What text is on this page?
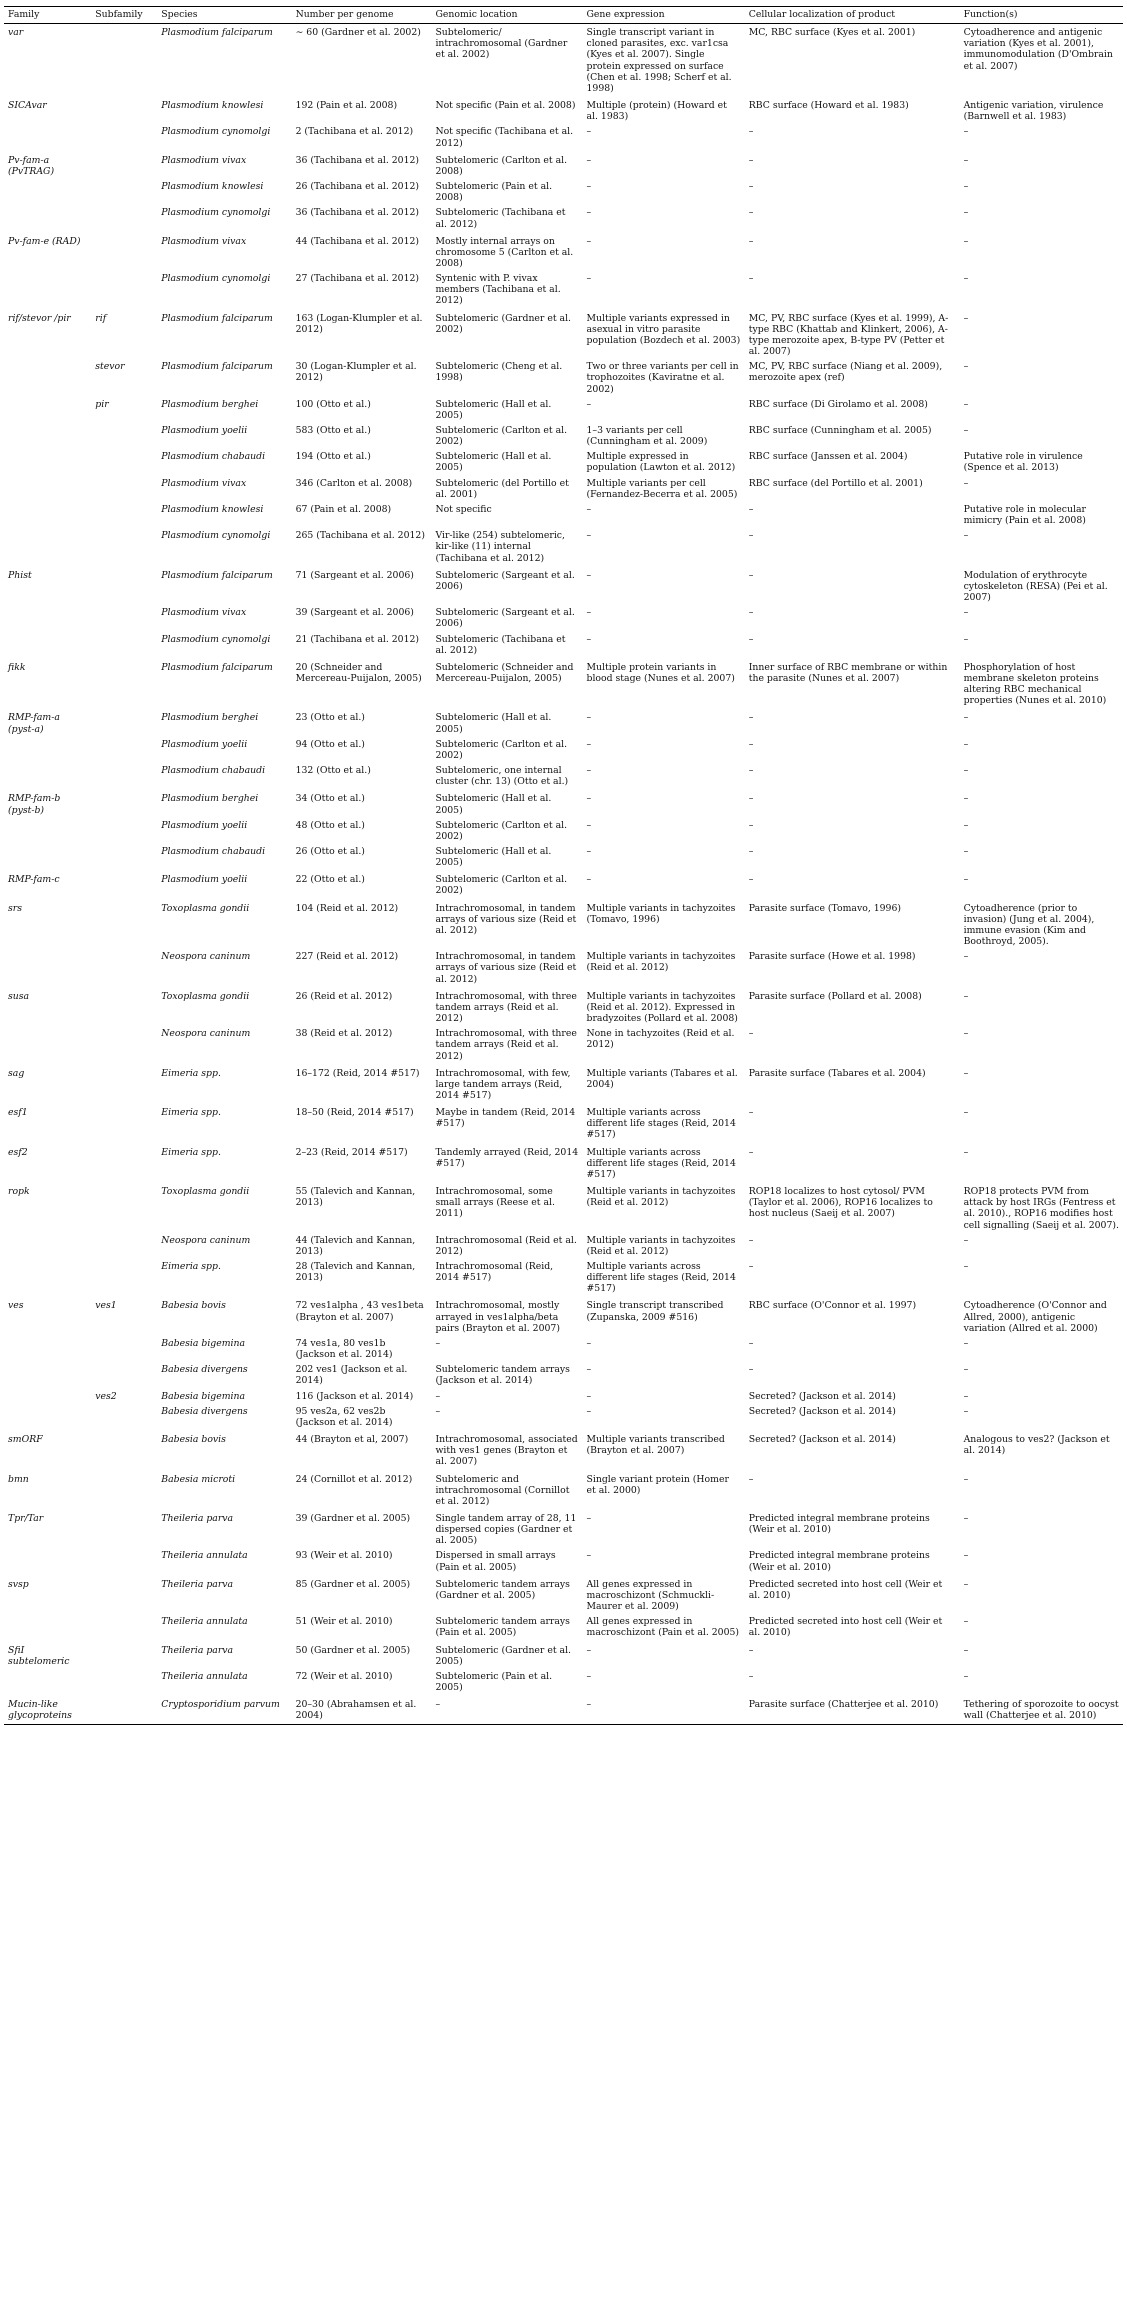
Family	Subfamily	Species	Number per genome	Genomic location	Gene expression	Cellular localization of product	Function(s)
var		Plasmodium falciparum	∼ 60 (Gardner et al. 2002)	Subtelomeric/ intrachromosomal (Gardner et al. 2002)	Single transcript variant in cloned parasites, exc. var1csa (Kyes et al. 2007). Single protein expressed on surface (Chen et al. 1998; Scherf et al. 1998)	MC, RBC surface (Kyes et al. 2001)	Cytoadherence and antigenic variation (Kyes et al. 2001), immunomodulation (D'Ombrain et al. 2007)
SICAvar		Plasmodium knowlesi	192 (Pain et al. 2008)	Not specific (Pain et al. 2008)	Multiple (protein) (Howard et al. 1983)	RBC surface (Howard et al. 1983)	Antigenic variation, virulence (Barnwell et al. 1983)
		Plasmodium cynomolgi	2 (Tachibana et al. 2012)	Not specific (Tachibana et al. 2012)	–	–	–
Pv-fam-a (PvTRAG)		Plasmodium vivax	36 (Tachibana et al. 2012)	Subtelomeric (Carlton et al. 2008)	–	–	–
		Plasmodium knowlesi	26 (Tachibana et al. 2012)	Subtelomeric (Pain et al. 2008)	–	–	–
		Plasmodium cynomolgi	36 (Tachibana et al. 2012)	Subtelomeric (Tachibana et al. 2012)	–	–	–
Pv-fam-e (RAD)		Plasmodium vivax	44 (Tachibana et al. 2012)	Mostly internal arrays on chromosome 5 (Carlton et al. 2008)	–	–	–
		Plasmodium cynomolgi	27 (Tachibana et al. 2012)	Syntenic with P. vivax members (Tachibana et al. 2012)	–	–	–
rif/stevor /pir	rif	Plasmodium falciparum	163 (Logan-Klumpler et al. 2012)	Subtelomeric (Gardner et al. 2002)	Multiple variants expressed in asexual in vitro parasite population (Bozdech et al. 2003)	MC, PV, RBC surface (Kyes et al. 1999), A-type RBC (Khattab and Klinkert, 2006), A-type merozoite apex, B-type PV (Petter et al. 2007)	–
	stevor	Plasmodium falciparum	30 (Logan-Klumpler et al. 2012)	Subtelomeric (Cheng et al. 1998)	Two or three variants per cell in trophozoites (Kaviratne et al. 2002)	MC, PV, RBC surface (Niang et al. 2009), merozoite apex (ref)	–
	pir	Plasmodium berghei	100 (Otto et al.)	Subtelomeric (Hall et al. 2005)	–	RBC surface (Di Girolamo et al. 2008)	–
		Plasmodium yoelii	583 (Otto et al.)	Subtelomeric (Carlton et al. 2002)	1–3 variants per cell (Cunningham et al. 2009)	RBC surface (Cunningham et al. 2005)	–
		Plasmodium chabaudi	194 (Otto et al.)	Subtelomeric (Hall et al. 2005)	Multiple expressed in population (Lawton et al. 2012)	RBC surface (Janssen et al. 2004)	Putative role in virulence (Spence et al. 2013)
		Plasmodium vivax	346 (Carlton et al. 2008)	Subtelomeric (del Portillo et al. 2001)	Multiple variants per cell (Fernandez-Becerra et al. 2005)	RBC surface (del Portillo et al. 2001)	–
		Plasmodium knowlesi	67 (Pain et al. 2008)	Not specific	–	–	Putative role in molecular mimicry (Pain et al. 2008)
		Plasmodium cynomolgi	265 (Tachibana et al. 2012)	Vir-like (254) subtelomeric, kir-like (11) internal (Tachibana et al. 2012)	–	–	–
Phist		Plasmodium falciparum	71 (Sargeant et al. 2006)	Subtelomeric (Sargeant et al. 2006)	–	–	Modulation of erythrocyte cytoskeleton (RESA) (Pei et al. 2007)
		Plasmodium vivax	39 (Sargeant et al. 2006)	Subtelomeric (Sargeant et al. 2006)	–	–	–
		Plasmodium cynomolgi	21 (Tachibana et al. 2012)	Subtelomeric (Tachibana et al. 2012)	–	–	–
fikk		Plasmodium falciparum	20 (Schneider and Mercereau-Puijalon, 2005)	Subtelomeric (Schneider and Mercereau-Puijalon, 2005)	Multiple protein variants in blood stage (Nunes et al. 2007)	Inner surface of RBC membrane or within the parasite (Nunes et al. 2007)	Phosphorylation of host membrane skeleton proteins altering RBC mechanical properties (Nunes et al. 2010)
RMP-fam-a (pyst-a)		Plasmodium berghei	23 (Otto et al.)	Subtelomeric (Hall et al. 2005)	–	–	–
		Plasmodium yoelii	94 (Otto et al.)	Subtelomeric (Carlton et al. 2002)	–	–	–
		Plasmodium chabaudi	132 (Otto et al.)	Subtelomeric, one internal cluster (chr. 13) (Otto et al.)	–	–	–
RMP-fam-b (pyst-b)		Plasmodium berghei	34 (Otto et al.)	Subtelomeric (Hall et al. 2005)	–	–	–
		Plasmodium yoelii	48 (Otto et al.)	Subtelomeric (Carlton et al. 2002)	–	–	–
		Plasmodium chabaudi	26 (Otto et al.)	Subtelomeric (Hall et al. 2005)	–	–	–
RMP-fam-c		Plasmodium yoelii	22 (Otto et al.)	Subtelomeric (Carlton et al. 2002)	–	–	–
srs		Toxoplasma gondii	104 (Reid et al. 2012)	Intrachromosomal, in tandem arrays of various size (Reid et al. 2012)	Multiple variants in tachyzoites (Tomavo, 1996)	Parasite surface (Tomavo, 1996)	Cytoadherence (prior to invasion) (Jung et al. 2004), immune evasion (Kim and Boothroyd, 2005).
		Neospora caninum	227 (Reid et al. 2012)	Intrachromosomal, in tandem arrays of various size (Reid et al. 2012)	Multiple variants in tachyzoites (Reid et al. 2012)	Parasite surface (Howe et al. 1998)	–
susa		Toxoplasma gondii	26 (Reid et al. 2012)	Intrachromosomal, with three tandem arrays (Reid et al. 2012)	Multiple variants in tachyzoites (Reid et al. 2012). Expressed in bradyzoites (Pollard et al. 2008)	Parasite surface (Pollard et al. 2008)	–
		Neospora caninum	38 (Reid et al. 2012)	Intrachromosomal, with three tandem arrays (Reid et al. 2012)	None in tachyzoites (Reid et al. 2012)	–	–
sag		Eimeria spp.	16–172 (Reid, 2014 #517)	Intrachromosomal, with few, large tandem arrays (Reid, 2014 #517)	Multiple variants (Tabares et al. 2004)	Parasite surface (Tabares et al. 2004)	–
esf1		Eimeria spp.	18–50 (Reid, 2014 #517)	Maybe in tandem (Reid, 2014 #517)	Multiple variants across different life stages (Reid, 2014 #517)	–	–
esf2		Eimeria spp.	2–23 (Reid, 2014 #517)	Tandemly arrayed (Reid, 2014 #517)	Multiple variants across different life stages (Reid, 2014 #517)	–	–
ropk		Toxoplasma gondii	55 (Talevich and Kannan, 2013)	Intrachromosomal, some small arrays (Reese et al. 2011)	Multiple variants in tachyzoites (Reid et al. 2012)	ROP18 localizes to host cytosol/ PVM (Taylor et al. 2006), ROP16 localizes to host nucleus (Saeij et al. 2007)	ROP18 protects PVM from attack by host IRGs (Fentress et al. 2010)., ROP16 modifies host cell signalling (Saeij et al. 2007).
		Neospora caninum	44 (Talevich and Kannan, 2013)	Intrachromosomal (Reid et al. 2012)	Multiple variants in tachyzoites (Reid et al. 2012)	–	–
		Eimeria spp.	28 (Talevich and Kannan, 2013)	Intrachromosomal (Reid, 2014 #517)	Multiple variants across different life stages (Reid, 2014 #517)	–	–
ves	ves1	Babesia bovis	72 ves1alpha , 43 ves1beta (Brayton et al. 2007)	Intrachromosomal, mostly arrayed in ves1alpha/beta pairs (Brayton et al. 2007)	Single transcript transcribed (Zupanska, 2009 #516)	RBC surface (O'Connor et al. 1997)	Cytoadherence (O'Connor and Allred, 2000), antigenic variation (Allred et al. 2000)
		Babesia bigemina	74 ves1a, 80 ves1b (Jackson et al. 2014)	–	–	–	–
		Babesia divergens	202 ves1 (Jackson et al. 2014)	Subtelomeric tandem arrays (Jackson et al. 2014)	–	–	–
	ves2	Babesia bigemina	116 (Jackson et al. 2014)	–	–	Secreted? (Jackson et al. 2014)	–
		Babesia divergens	95 ves2a, 62 ves2b (Jackson et al. 2014)	–	–	Secreted? (Jackson et al. 2014)	–
smORF		Babesia bovis	44 (Brayton et al, 2007)	Intrachromosomal, associated with ves1 genes (Brayton et al. 2007)	Multiple variants transcribed (Brayton et al. 2007)	Secreted? (Jackson et al. 2014)	Analogous to ves2? (Jackson et al. 2014)
bmn		Babesia microti	24 (Cornillot et al. 2012)	Subtelomeric and intrachromosomal (Cornillot et al. 2012)	Single variant protein (Homer et al. 2000)	–	–
Tpr/Tar		Theileria parva	39 (Gardner et al. 2005)	Single tandem array of 28, 11 dispersed copies (Gardner et al. 2005)	–	Predicted integral membrane proteins (Weir et al. 2010)	–
		Theileria annulata	93 (Weir et al. 2010)	Dispersed in small arrays (Pain et al. 2005)	–	Predicted integral membrane proteins (Weir et al. 2010)	–
svsp		Theileria parva	85 (Gardner et al. 2005)	Subtelomeric tandem arrays (Gardner et al. 2005)	All genes expressed in macroschizont (Schmuckli-Maurer et al. 2009)	Predicted secreted into host cell (Weir et al. 2010)	–
		Theileria annulata	51 (Weir et al. 2010)	Subtelomeric tandem arrays (Pain et al. 2005)	All genes expressed in macroschizont (Pain et al. 2005)	Predicted secreted into host cell (Weir et al. 2010)	–
SfiI subtelomeric		Theileria parva	50 (Gardner et al. 2005)	Subtelomeric (Gardner et al. 2005)	–	–	–
		Theileria annulata	72 (Weir et al. 2010)	Subtelomeric (Pain et al. 2005)	–	–	–
Mucin-like glycoproteins		Cryptosporidium parvum	20–30 (Abrahamsen et al. 2004)	–	–	Parasite surface (Chatterjee et al. 2010)	Tethering of sporozoite to oocyst wall (Chatterjee et al. 2010)
